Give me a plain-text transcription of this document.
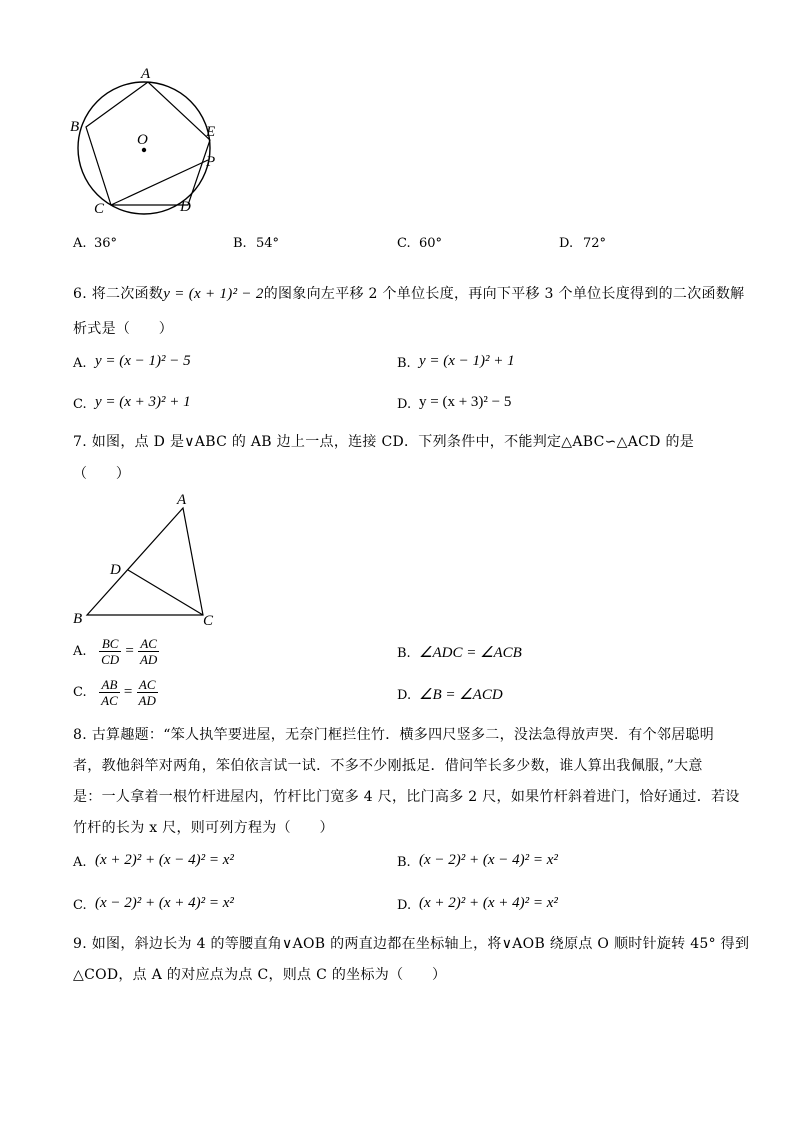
A
B	E
O
P
C	D
A. 36°	B. 54°	C. 60°	D. 72°
6. 将二次函数y = (x + 1)² − 2的图象向左平移 2 个单位长度，再向下平移 3 个单位长度得到的二次函数解
析式是（　　）
A. y = (x − 1)² − 5	B. y = (x − 1)² + 1
C. y = (x + 3)² + 1	D. y = (x + 3)² − 5
7. 如图，点 D 是∨ABC 的 AB 边上一点，连接 CD．下列条件中，不能判定△ABC∽△ACD 的是
（　　）
A
D
B	C
A. $\frac{BC}{CD} = \frac{AC}{AD}$	B. ∠ADC = ∠ACB
C. $\frac{AB}{AC} = \frac{AC}{AD}$	D. ∠B = ∠ACD
8. 古算趣题：“笨人执竿要进屋，无奈门框拦住竹．横多四尺竖多二，没法急得放声哭．有个邻居聪明
者，教他斜竿对两角，笨伯依言试一试．不多不少刚抵足．借问竿长多少数，谁人算出我佩服，”大意
是：一人拿着一根竹杆进屋内，竹杆比门宽多 4 尺，比门高多 2 尺，如果竹杆斜着进门，恰好通过．若设
竹杆的长为 x 尺，则可列方程为（　　）
A. (x + 2)² + (x − 4)² = x²	B. (x − 2)² + (x − 4)² = x²
C. (x − 2)² + (x + 4)² = x²	D. (x + 2)² + (x + 4)² = x²
9. 如图，斜边长为 4 的等腰直角∨AOB 的两直边都在坐标轴上，将∨AOB 绕原点 O 顺时针旋转 45° 得到
△COD，点 A 的对应点为点 C，则点 C 的坐标为（　　）
